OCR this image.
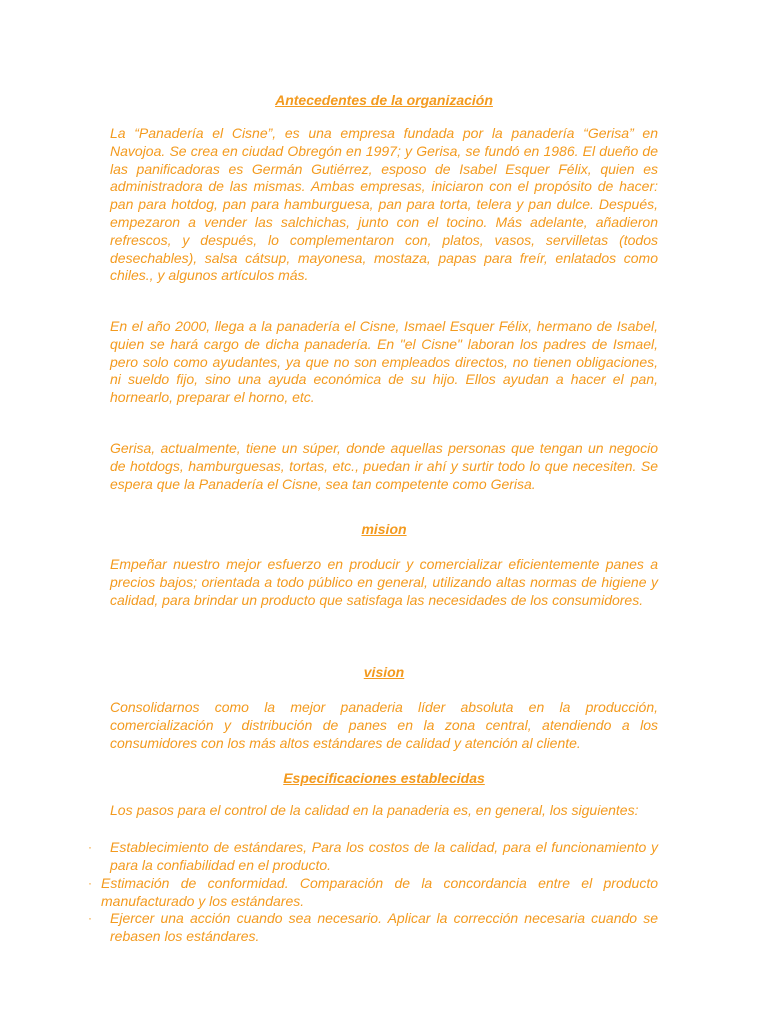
Antecedentes de la organización

La “Panadería el Cisne”, es una empresa fundada por la panadería “Gerisa” en Navojoa. Se crea en ciudad Obregón en 1997; y Gerisa, se fundó en 1986. El dueño de las panificadoras es Germán Gutiérrez, esposo de Isabel Esquer Félix, quien es administradora de las mismas. Ambas empresas, iniciaron con el propósito de hacer: pan para hotdog, pan para hamburguesa, pan para torta, telera y pan dulce. Después, empezaron a vender las salchichas, junto con el tocino. Más adelante, añadieron refrescos, y después, lo complementaron con, platos, vasos, servilletas (todos desechables), salsa cátsup, mayonesa, mostaza, papas para freír, enlatados como chiles., y algunos artículos más.

En el año 2000, llega a la panadería el Cisne, Ismael Esquer Félix, hermano de Isabel, quien se hará cargo de dicha panadería. En "el Cisne" laboran los padres de Ismael, pero solo como ayudantes, ya que no son empleados directos, no tienen obligaciones, ni sueldo fijo, sino una ayuda económica de su hijo. Ellos ayudan a hacer el pan, hornearlo, preparar el horno, etc.

Gerisa, actualmente, tiene un súper, donde aquellas personas que tengan un negocio de hotdogs, hamburguesas, tortas, etc., puedan ir ahí y surtir todo lo que necesiten. Se espera que la Panadería el Cisne, sea tan competente como Gerisa.

mision

Empeñar nuestro mejor esfuerzo en producir y comercializar eficientemente panes a precios bajos; orientada a todo público en general, utilizando altas normas de higiene y calidad, para brindar un producto que satisfaga las necesidades de los consumidores.

vision

Consolidarnos como la mejor panaderia líder absoluta en la producción, comercialización y distribución de panes en la zona central, atendiendo a los consumidores con los más altos estándares de calidad y atención al cliente.

Especificaciones establecidas

Los pasos para el control de la calidad en la panaderia es, en general, los siguientes:

· Establecimiento de estándares, Para los costos de la calidad, para el funcionamiento y para la confiabilidad en el producto.

· Estimación de conformidad. Comparación de la concordancia entre el producto manufacturado y los estándares.

· Ejercer una acción cuando sea necesario. Aplicar la corrección necesaria cuando se rebasen los estándares.
